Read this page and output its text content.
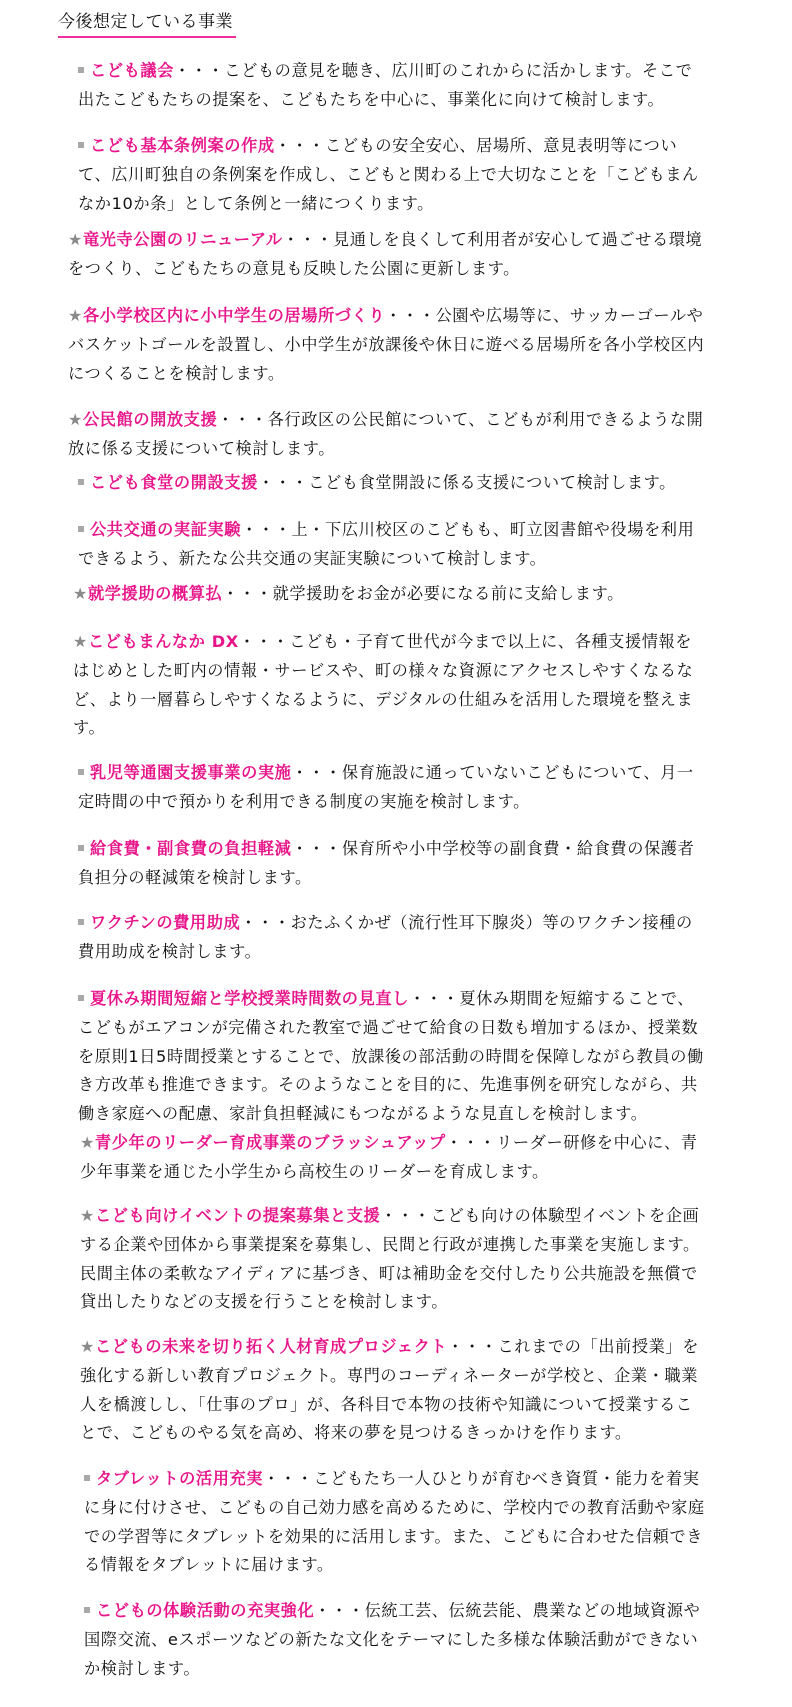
今後想定している事業
こども議会・・・こどもの意見を聴き、広川町のこれからに活かします。そこで出たこどもたちの提案を、こどもたちを中心に、事業化に向けて検討します。
こども基本条例案の作成・・・こどもの安全安心、居場所、意見表明等について、広川町独自の条例案を作成し、こどもと関わる上で大切なことを「こどもまんなか10か条」として条例と一緒につくります。
★竜光寺公園のリニューアル・・・見通しを良くして利用者が安心して過ごせる環境をつくり、こどもたちの意見も反映した公園に更新します。
★各小学校区内に小中学生の居場所づくり・・・公園や広場等に、サッカーゴールやバスケットゴールを設置し、小中学生が放課後や休日に遊べる居場所を各小学校区内につくることを検討します。
★公民館の開放支援・・・各行政区の公民館について、こどもが利用できるような開放に係る支援について検討します。
こども食堂の開設支援・・・こども食堂開設に係る支援について検討します。
公共交通の実証実験・・・上・下広川校区のこどもも、町立図書館や役場を利用できるよう、新たな公共交通の実証実験について検討します。
★就学援助の概算払・・・就学援助をお金が必要になる前に支給します。
★こどもまんなか DX・・・こども・子育て世代が今まで以上に、各種支援情報をはじめとした町内の情報・サービスや、町の様々な資源にアクセスしやすくなるなど、より一層暮らしやすくなるように、デジタルの仕組みを活用した環境を整えます。
乳児等通園支援事業の実施・・・保育施設に通っていないこどもについて、月一定時間の中で預かりを利用できる制度の実施を検討します。
給食費・副食費の負担軽減・・・保育所や小中学校等の副食費・給食費の保護者負担分の軽減策を検討します。
ワクチンの費用助成・・・おたふくかぜ（流行性耳下腺炎）等のワクチン接種の費用助成を検討します。
夏休み期間短縮と学校授業時間数の見直し・・・夏休み期間を短縮することで、こどもがエアコンが完備された教室で過ごせて給食の日数も増加するほか、授業数を原則1日5時間授業とすることで、放課後の部活動の時間を保障しながら教員の働き方改革も推進できます。そのようなことを目的に、先進事例を研究しながら、共働き家庭への配慮、家計負担軽減にもつながるような見直しを検討します。
★青少年のリーダー育成事業のブラッシュアップ・・・リーダー研修を中心に、青少年事業を通じた小学生から高校生のリーダーを育成します。
★こども向けイベントの提案募集と支援・・・こども向けの体験型イベントを企画する企業や団体から事業提案を募集し、民間と行政が連携した事業を実施します。民間主体の柔軟なアイディアに基づき、町は補助金を交付したり公共施設を無償で貸出したりなどの支援を行うことを検討します。
★こどもの未来を切り拓く人材育成プロジェクト・・・これまでの「出前授業」を強化する新しい教育プロジェクト。専門のコーディネーターが学校と、企業・職業人を橋渡しし、「仕事のプロ」が、各科目で本物の技術や知識について授業することで、こどものやる気を高め、将来の夢を見つけるきっかけを作ります。
タブレットの活用充実・・・こどもたち一人ひとりが育むべき資質・能力を着実に身に付けさせ、こどもの自己効力感を高めるために、学校内での教育活動や家庭での学習等にタブレットを効果的に活用します。また、こどもに合わせた信頼できる情報をタブレットに届けます。
こどもの体験活動の充実強化・・・伝統工芸、伝統芸能、農業などの地域資源や国際交流、eスポーツなどの新たな文化をテーマにした多様な体験活動ができないか検討します。
